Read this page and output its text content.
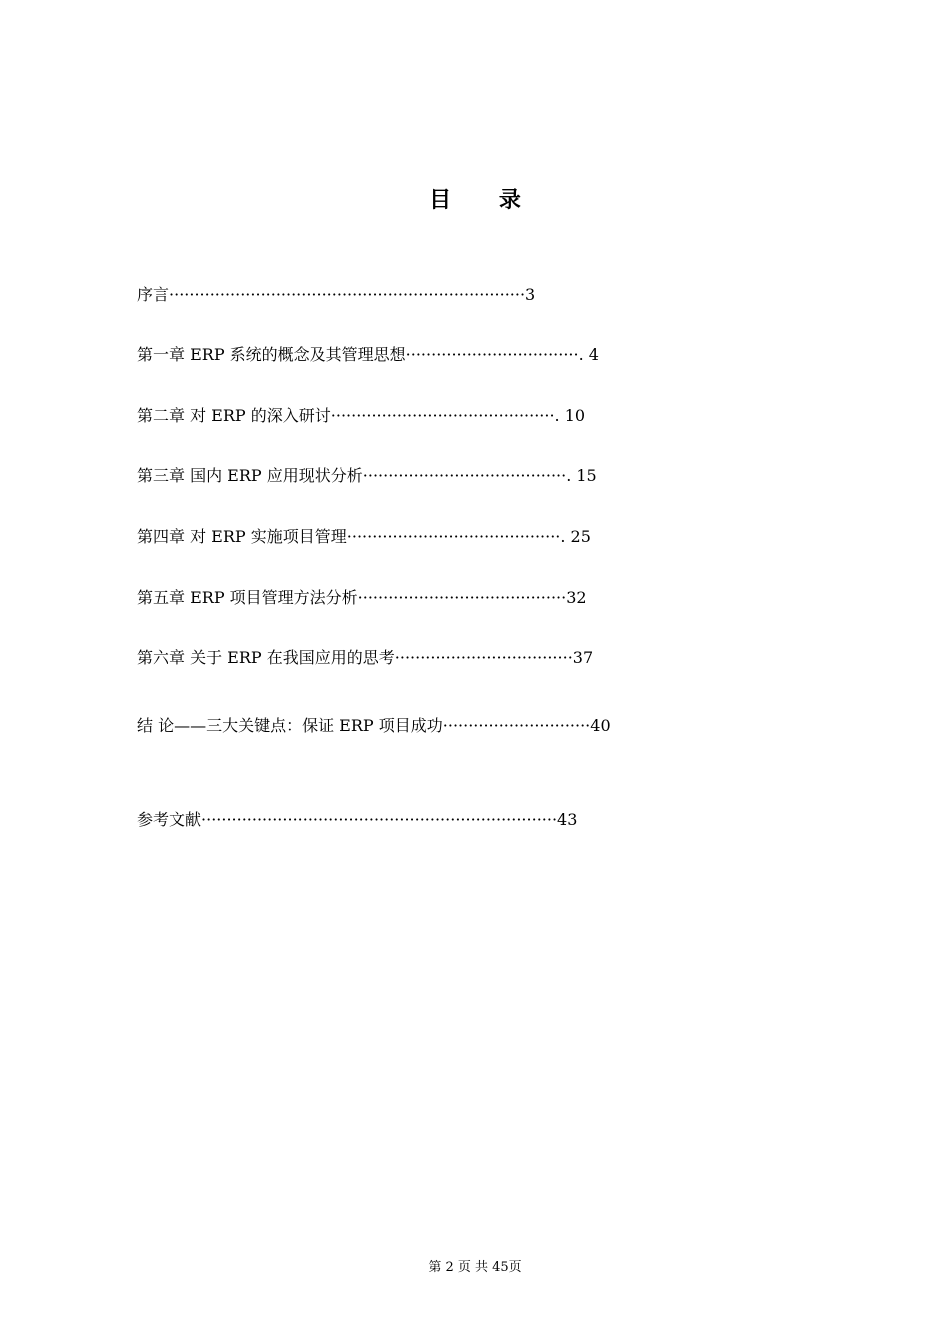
目 录
序言······································································3
第一章 ERP 系统的概念及其管理思想··································. 4
第二章 对 ERP 的深入研讨············································. 10
第三章 国内 ERP 应用现状分析········································. 15
第四章 对 ERP 实施项目管理··········································. 25
第五章 ERP 项目管理方法分析·········································32
第六章 关于 ERP 在我国应用的思考···································37
结 论——三大关键点：保证 ERP 项目成功·····························40
参考文献······································································43
第 2 页 共 45页
